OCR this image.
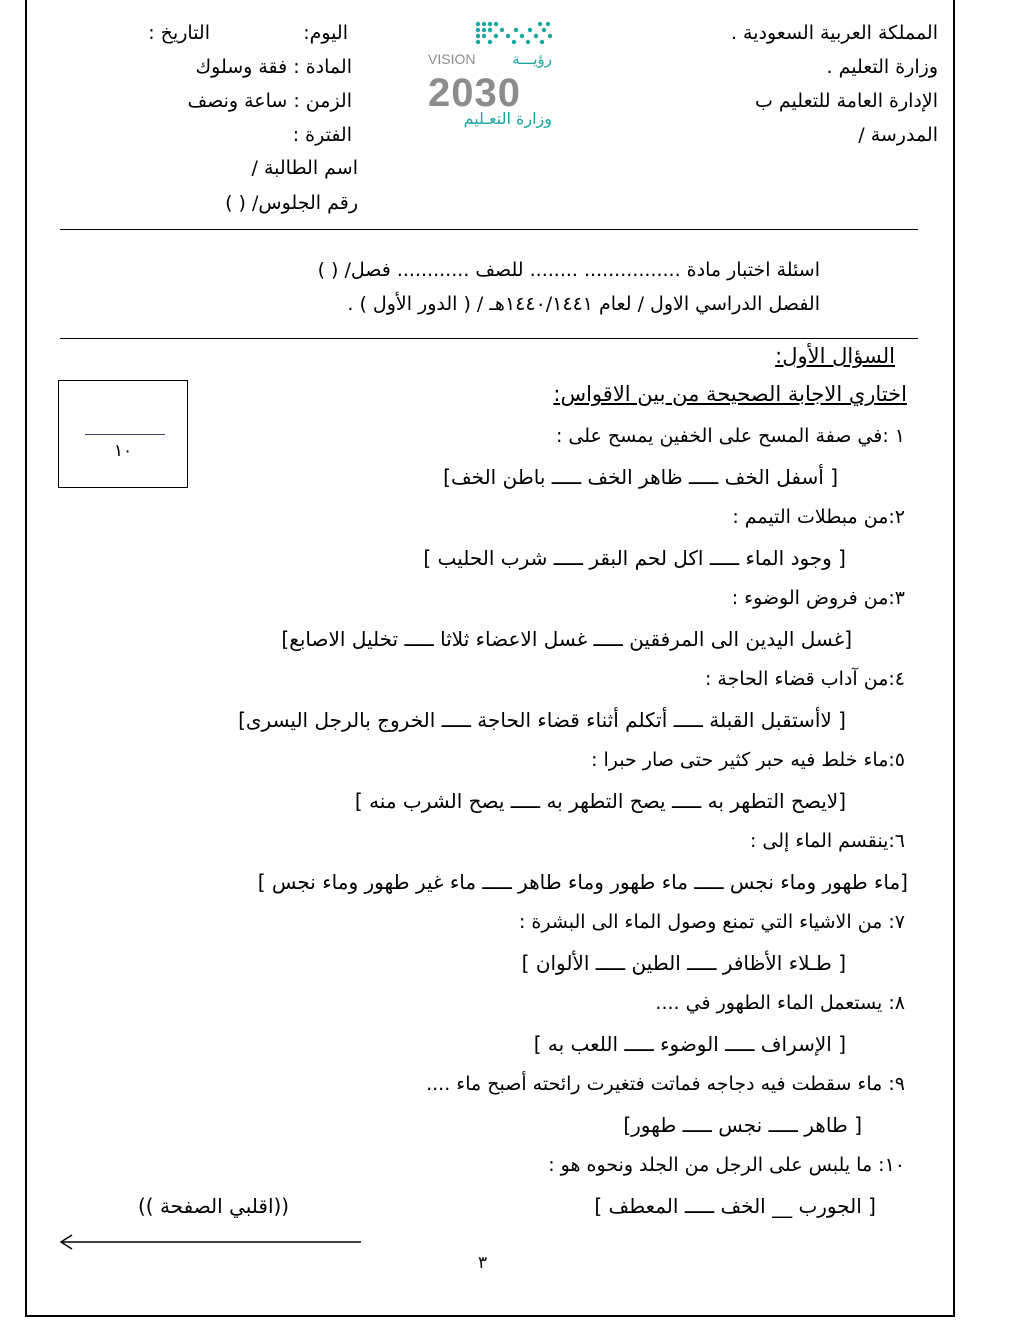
المملكة العربية السعودية .
وزارة التعليم .
الإدارة العامة للتعليم ب
المدرسة /
اليوم:
التاريخ :
المادة : فقة وسلوك
الزمن : ساعة ونصف
الفترة :
اسم الطالبة /
رقم الجلوس/ ( )
VISION رؤيـــة
2030
وزارة التعـليم
اسئلة اختبار مادة ................ ........ للصف ............ فصل/ ( )
الفصل الدراسي الاول / لعام ١٤٤٠/١٤٤١هـ / ( الدور الأول ) .
السؤال الأول:
اختاري الاجابة الصحيحة من بين الاقواس:
١٠
١ :في صفة المسح على الخفين يمسح على :
[ أسفل الخف ـــــ ظاهر الخف ـــــ باطن الخف]
٢:من مبطلات التيمم :
[ وجود الماء ـــــ اكل لحم البقر ـــــ شرب الحليب ]
٣:من فروض الوضوء :
[غسل اليدين الى المرفقين ـــــ غسل الاعضاء ثلاثا ـــــ تخليل الاصابع]
٤:من آداب قضاء الحاجة :
[ لاأستقبل القبلة ـــــ أتكلم أثناء قضاء الحاجة ـــــ الخروج بالرجل اليسرى]
٥:ماء خلط فيه حبر كثير حتى صار حبرا :
[لايصح التطهر به ـــــ يصح التطهر به ـــــ يصح الشرب منه ]
٦:ينقسم الماء إلى :
[ماء طهور وماء نجس ـــــ ماء طهور وماء طاهر ـــــ ماء غير طهور وماء نجس ]
٧: من الاشياء التي تمنع وصول الماء الى البشرة :
[ طـلاء الأظافر ـــــ الطين ـــــ الألوان ]
٨: يستعمل الماء الطهور في ....
[ الإسراف ـــــ الوضوء ـــــ اللعب به ]
٩: ماء سقطت فيه دجاجه فماتت فتغيرت رائحته أصبح ماء ....
[ طاهر ـــــ نجس ـــــ طهور]
١٠: ما يلبس على الرجل من الجلد ونحوه هو :
[ الجورب __ الخف ـــــ المعطف ]
((اقلبي الصفحة ))
٣
